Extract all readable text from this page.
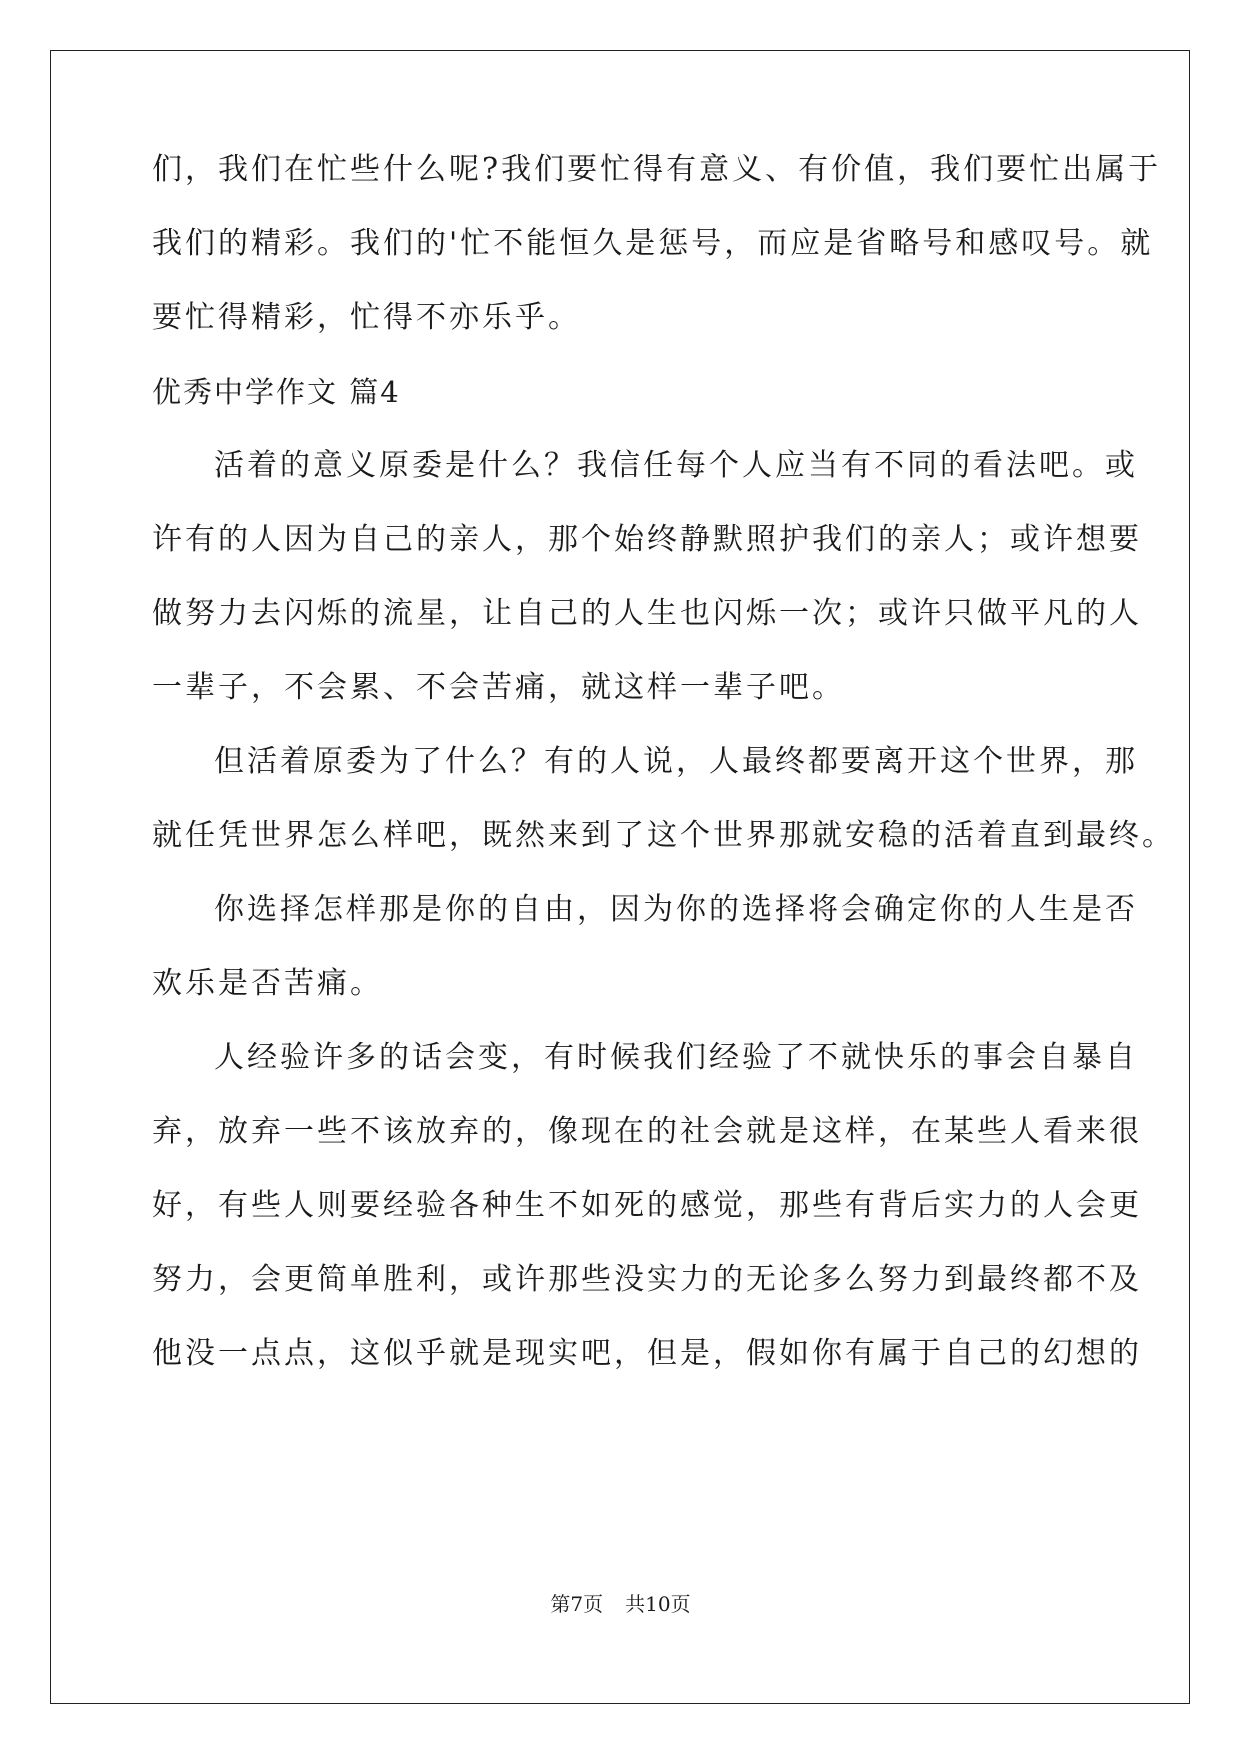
们，我们在忙些什么呢?我们要忙得有意义、有价值，我们要忙出属于
我们的精彩。我们的'忙不能恒久是惩号，而应是省略号和感叹号。就
要忙得精彩，忙得不亦乐乎。
优秀中学作文 篇4
活着的意义原委是什么？我信任每个人应当有不同的看法吧。或
许有的人因为自己的亲人，那个始终静默照护我们的亲人；或许想要
做努力去闪烁的流星，让自己的人生也闪烁一次；或许只做平凡的人
一辈子，不会累、不会苦痛，就这样一辈子吧。
但活着原委为了什么？有的人说，人最终都要离开这个世界，那
就任凭世界怎么样吧，既然来到了这个世界那就安稳的活着直到最终。
你选择怎样那是你的自由，因为你的选择将会确定你的人生是否
欢乐是否苦痛。
人经验许多的话会变，有时候我们经验了不就快乐的事会自暴自
弃，放弃一些不该放弃的，像现在的社会就是这样，在某些人看来很
好，有些人则要经验各种生不如死的感觉，那些有背后实力的人会更
努力，会更简单胜利，或许那些没实力的无论多么努力到最终都不及
他没一点点，这似乎就是现实吧，但是，假如你有属于自己的幻想的
第7页 共10页
